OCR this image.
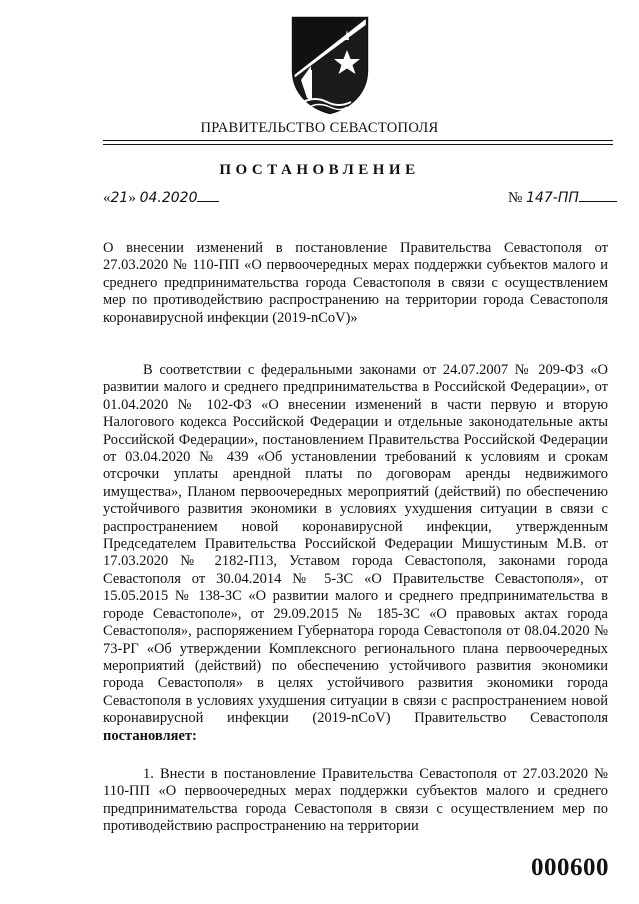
ПРАВИТЕЛЬСТВО СЕВАСТОПОЛЯ
ПОСТАНОВЛЕНИЕ
«21» 04.2020	№ 147-ПП
О внесении изменений в постановление Правительства Севастополя от 27.03.2020 № 110-ПП «О первоочередных мерах поддержки субъектов малого и среднего предпринимательства города Севастополя в связи с осуществлением мер по противодействию распространению на территории города Севастополя коронавирусной инфекции (2019-nCoV)»
В соответствии с федеральными законами от 24.07.2007 № 209-ФЗ «О развитии малого и среднего предпринимательства в Российской Федерации», от 01.04.2020 № 102-ФЗ «О внесении изменений в части первую и вторую Налогового кодекса Российской Федерации и отдельные законодательные акты Российской Федерации», постановлением Правительства Российской Федерации от 03.04.2020 № 439 «Об установлении требований к условиям и срокам отсрочки уплаты арендной платы по договорам аренды недвижимого имущества», Планом первоочередных мероприятий (действий) по обеспечению устойчивого развития экономики в условиях ухудшения ситуации в связи с распространением новой коронавирусной инфекции, утвержденным Председателем Правительства Российской Федерации Мишустиным М.В. от 17.03.2020 № 2182-П13, Уставом города Севастополя, законами города Севастополя от 30.04.2014 № 5-ЗС «О Правительстве Севастополя», от 15.05.2015 № 138-ЗС «О развитии малого и среднего предпринимательства в городе Севастополе», от 29.09.2015 № 185-ЗС «О правовых актах города Севастополя», распоряжением Губернатора города Севастополя от 08.04.2020 № 73-РГ «Об утверждении Комплексного регионального плана первоочередных мероприятий (действий) по обеспечению устойчивого развития экономики города Севастополя» в целях устойчивого развития экономики города Севастополя в условиях ухудшения ситуации в связи с распространением новой коронавирусной инфекции (2019-nCoV) Правительство Севастополя постановляет:
1. Внести в постановление Правительства Севастополя от 27.03.2020 № 110-ПП «О первоочередных мерах поддержки субъектов малого и среднего предпринимательства города Севастополя в связи с осуществлением мер по противодействию распространению на территории
000600
